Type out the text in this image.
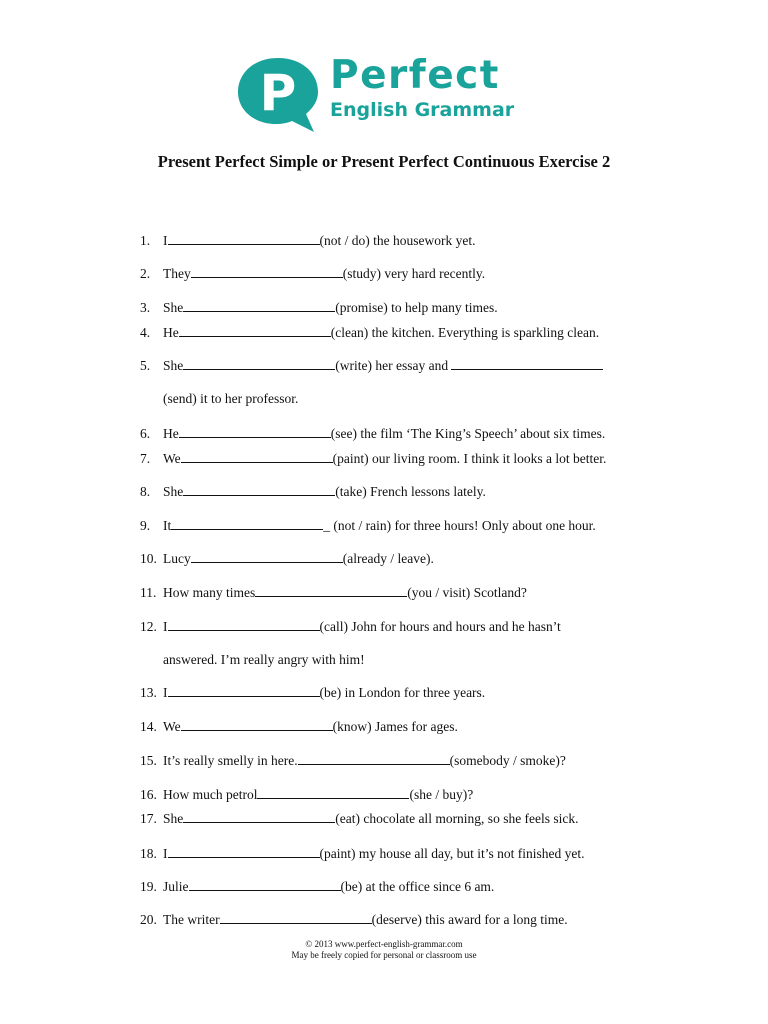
P Perfect
English Grammar
Present Perfect Simple or Present Perfect Continuous Exercise 2
1. I	(not / do) the housework yet.
2. They	(study) very hard recently.
3. She	(promise) to help many times.
4. He	(clean) the kitchen. Everything is sparkling clean.
5. She	(write) her essay and
(send) it to her professor.
6. He	(see) the film ‘The King’s Speech’ about six times.
7. We	(paint) our living room. I think it looks a lot better.
8. She	(take) French lessons lately.
9. It	_ (not / rain) for three hours! Only about one hour.
10. Lucy	(already / leave).
11. How many times	(you / visit) Scotland?
12. I	(call) John for hours and hours and he hasn’t
answered. I’m really angry with him!
13. I	(be) in London for three years.
14. We	(know) James for ages.
15. It’s really smelly in here.	(somebody / smoke)?
16. How much petrol	(she / buy)?
17. She	(eat) chocolate all morning, so she feels sick.
18. I	(paint) my house all day, but it’s not finished yet.
19. Julie	(be) at the office since 6 am.
20. The writer	(deserve) this award for a long time.
© 2013 www.perfect-english-grammar.com
May be freely copied for personal or classroom use
